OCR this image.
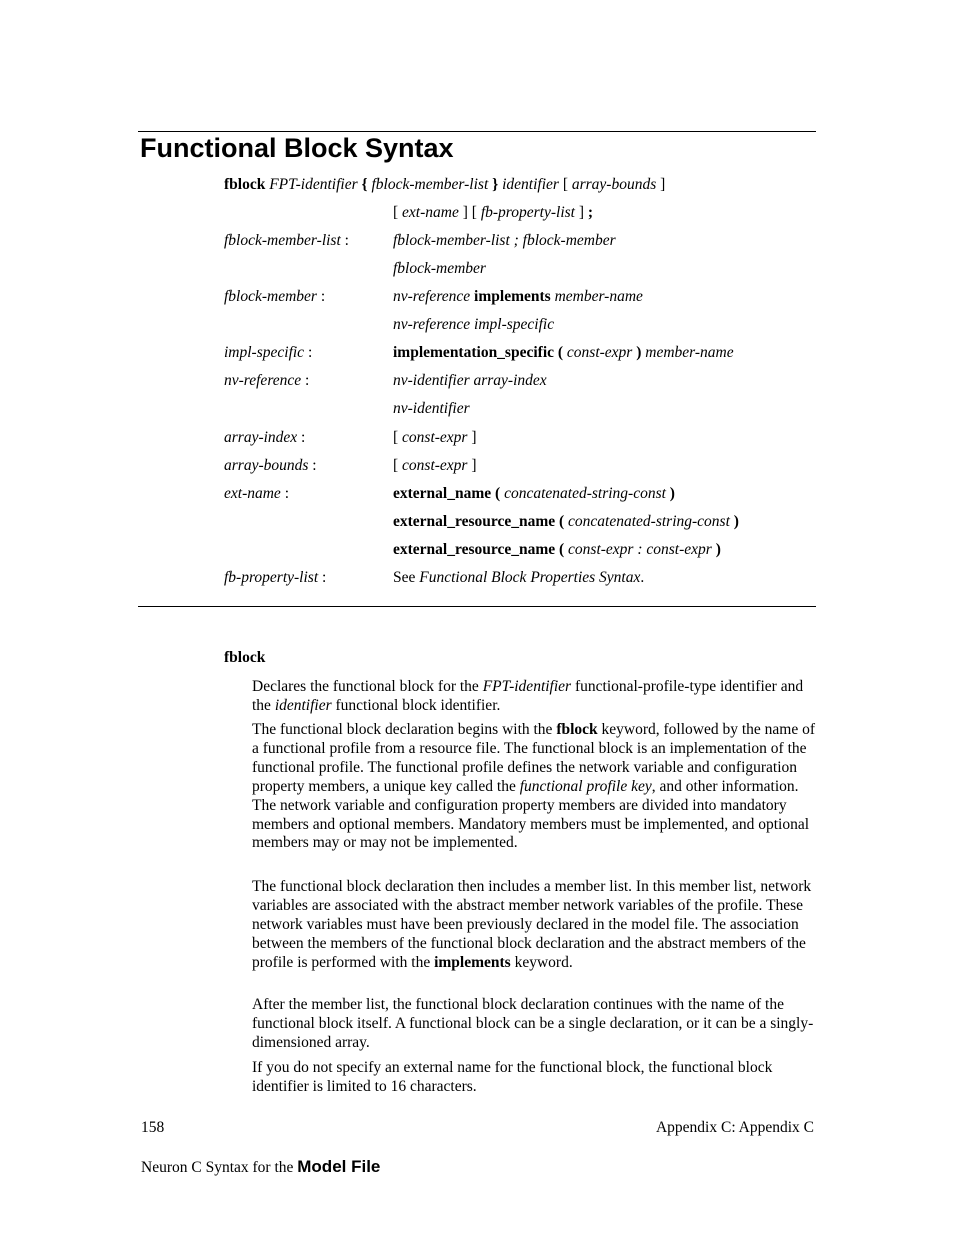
Functional Block Syntax
fblock FPT-identifier { fblock-member-list } identifier [ array-bounds ]
[ ext-name ] [ fb-property-list ] ;
fblock-member-list :	fblock-member-list ; fblock-member
fblock-member
fblock-member :	nv-reference implements member-name
nv-reference impl-specific
impl-specific :	implementation_specific ( const-expr ) member-name
nv-reference :	nv-identifier array-index
nv-identifier
array-index :	[ const-expr ]
array-bounds :	[ const-expr ]
ext-name :	external_name ( concatenated-string-const )
external_resource_name ( concatenated-string-const )
external_resource_name ( const-expr : const-expr )
fb-property-list :	See Functional Block Properties Syntax.
fblock
Declares the functional block for the FPT-identifier functional-profile-type identifier and the identifier functional block identifier.
The functional block declaration begins with the fblock keyword, followed by the name of a functional profile from a resource file. The functional block is an implementation of the functional profile. The functional profile defines the network variable and configuration property members, a unique key called the functional profile key, and other information. The network variable and configuration property members are divided into mandatory members and optional members. Mandatory members must be implemented, and optional members may or may not be implemented.
The functional block declaration then includes a member list. In this member list, network variables are associated with the abstract member network variables of the profile. These network variables must have been previously declared in the model file. The association between the members of the functional block declaration and the abstract members of the profile is performed with the implements keyword.
After the member list, the functional block declaration continues with the name of the functional block itself. A functional block can be a single declaration, or it can be a singly-dimensioned array.
If you do not specify an external name for the functional block, the functional block identifier is limited to 16 characters.
158	Appendix C: Appendix C
Neuron C Syntax for the Model File
